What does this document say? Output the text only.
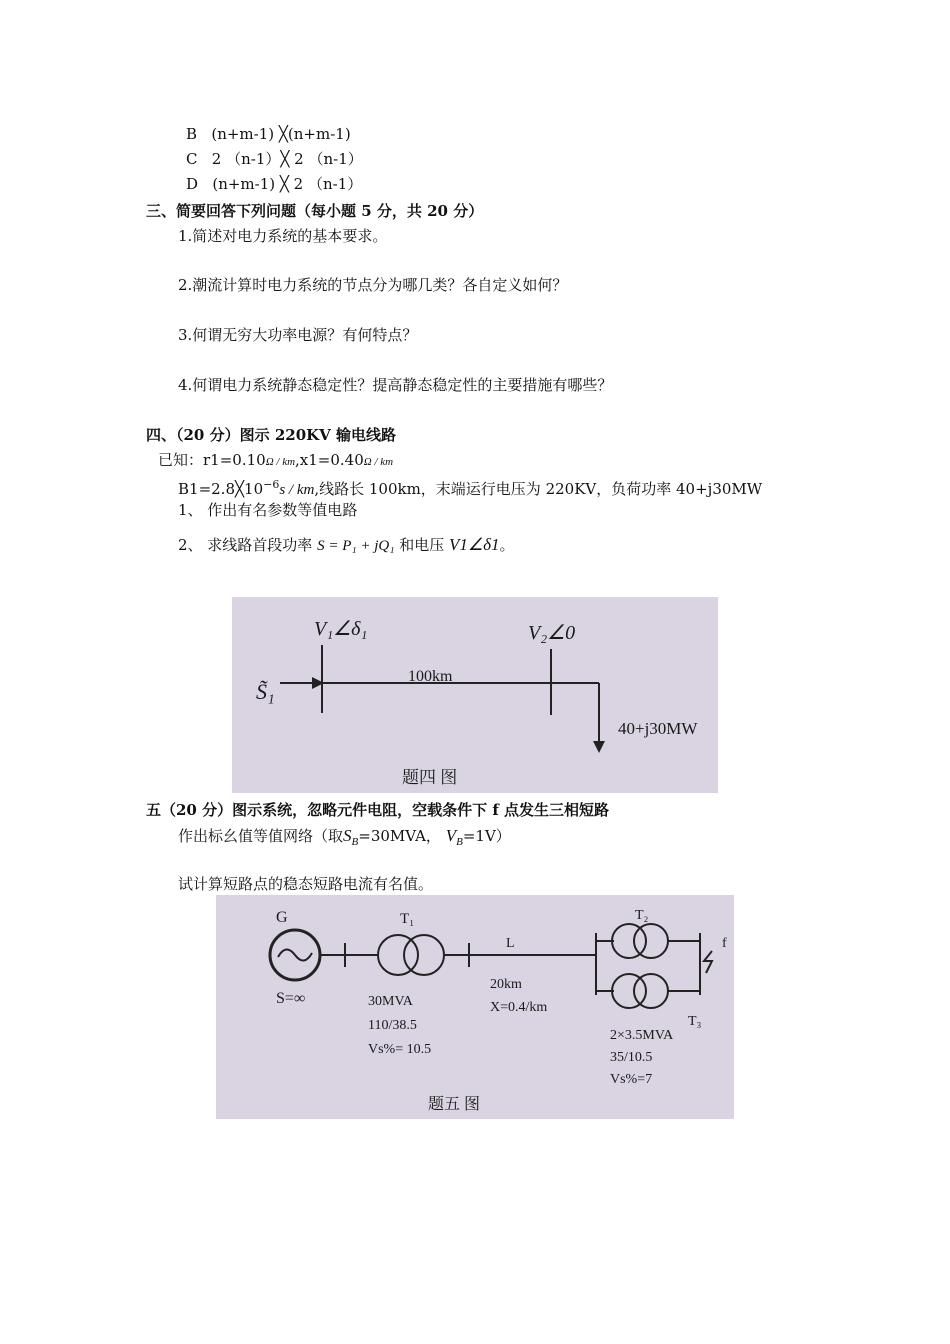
B (n+m-1) ╳(n+m-1)
C 2 （n-1）╳ 2 （n-1）
D (n+m-1) ╳ 2 （n-1）
三、简要回答下列问题（每小题 5 分，共 20 分）
1.简述对电力系统的基本要求。
2.潮流计算时电力系统的节点分为哪几类？各自定义如何？
3.何谓无穷大功率电源？有何特点？
4.何谓电力系统静态稳定性？提高静态稳定性的主要措施有哪些？
四、（20 分）图示 220KV 输电线路
已知：r1=0.10Ω / km,x1=0.40Ω / km
$B1=2.8╳10^{-6}s$ / km,线路长 100km，末端运行电压为 220KV，负荷功率 40+j30MW
1、 作出有名参数等值电路
2、 求线路首段功率 S = P₁ + jQ₁ 和电压 V1∠δ1。
V₁∠δ₁	V₂∠0
S̃₁
100km
40+j30MW
题四 图
五（20 分）图示系统，忽略元件电阻，空载条件下 f 点发生三相短路
作出标幺值等值网络（取$S_B=30MVA$， $V_B=1V$）
试计算短路点的稳态短路电流有名值。
G
S=∞
T₁
30MVA
110/38.5
Vs%= 10.5
L
20km
X=0.4/km
T₂
T₃
f
2×3.5MVA
35/10.5
Vs%=7
题五 图
